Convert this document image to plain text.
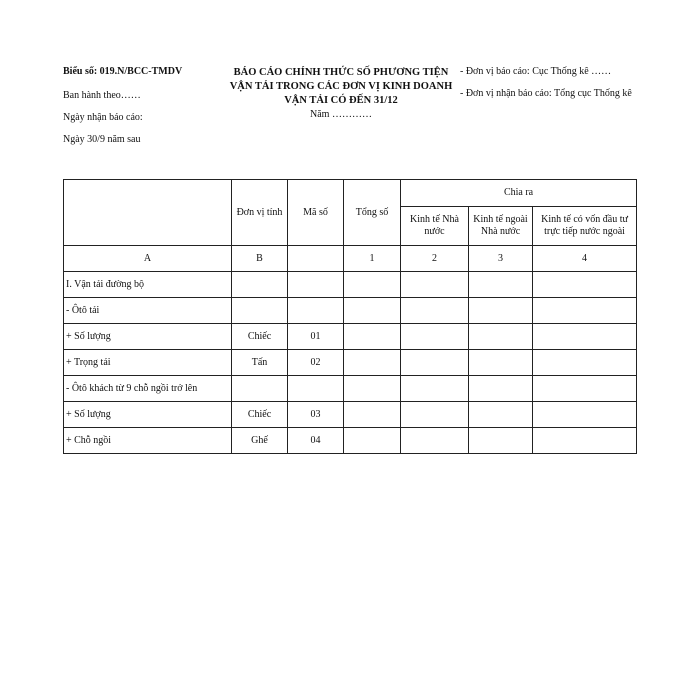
Biểu số: 019.N/BCC-TMDV
Ban hành theo……
Ngày nhận báo cáo:
Ngày 30/9 năm sau
BÁO CÁO CHÍNH THỨC SỐ PHƯƠNG TIỆN
VẬN TẢI TRONG CÁC ĐƠN VỊ KINH DOANH
VẬN TẢI CÓ ĐẾN 31/12
Năm …………
- Đơn vị báo cáo: Cục Thống kê ……
- Đơn vị nhận báo cáo: Tổng cục Thống kê
	Đơn vị tính	Mã số	Tổng số	Chia ra		
				Kinh tế Nhà nước	Kinh tế ngoài Nhà nước	Kinh tế có vốn đầu tư trực tiếp nước ngoài
A	B		1	2	3	4
I. Vận tải đường bộ						
- Ôtô tải						
+ Số lượng	Chiếc	01				
+ Trọng tải	Tấn	02				
- Ôtô khách từ 9 chỗ ngồi trở lên						
+ Số lượng	Chiếc	03				
+ Chỗ ngồi	Ghế	04				
